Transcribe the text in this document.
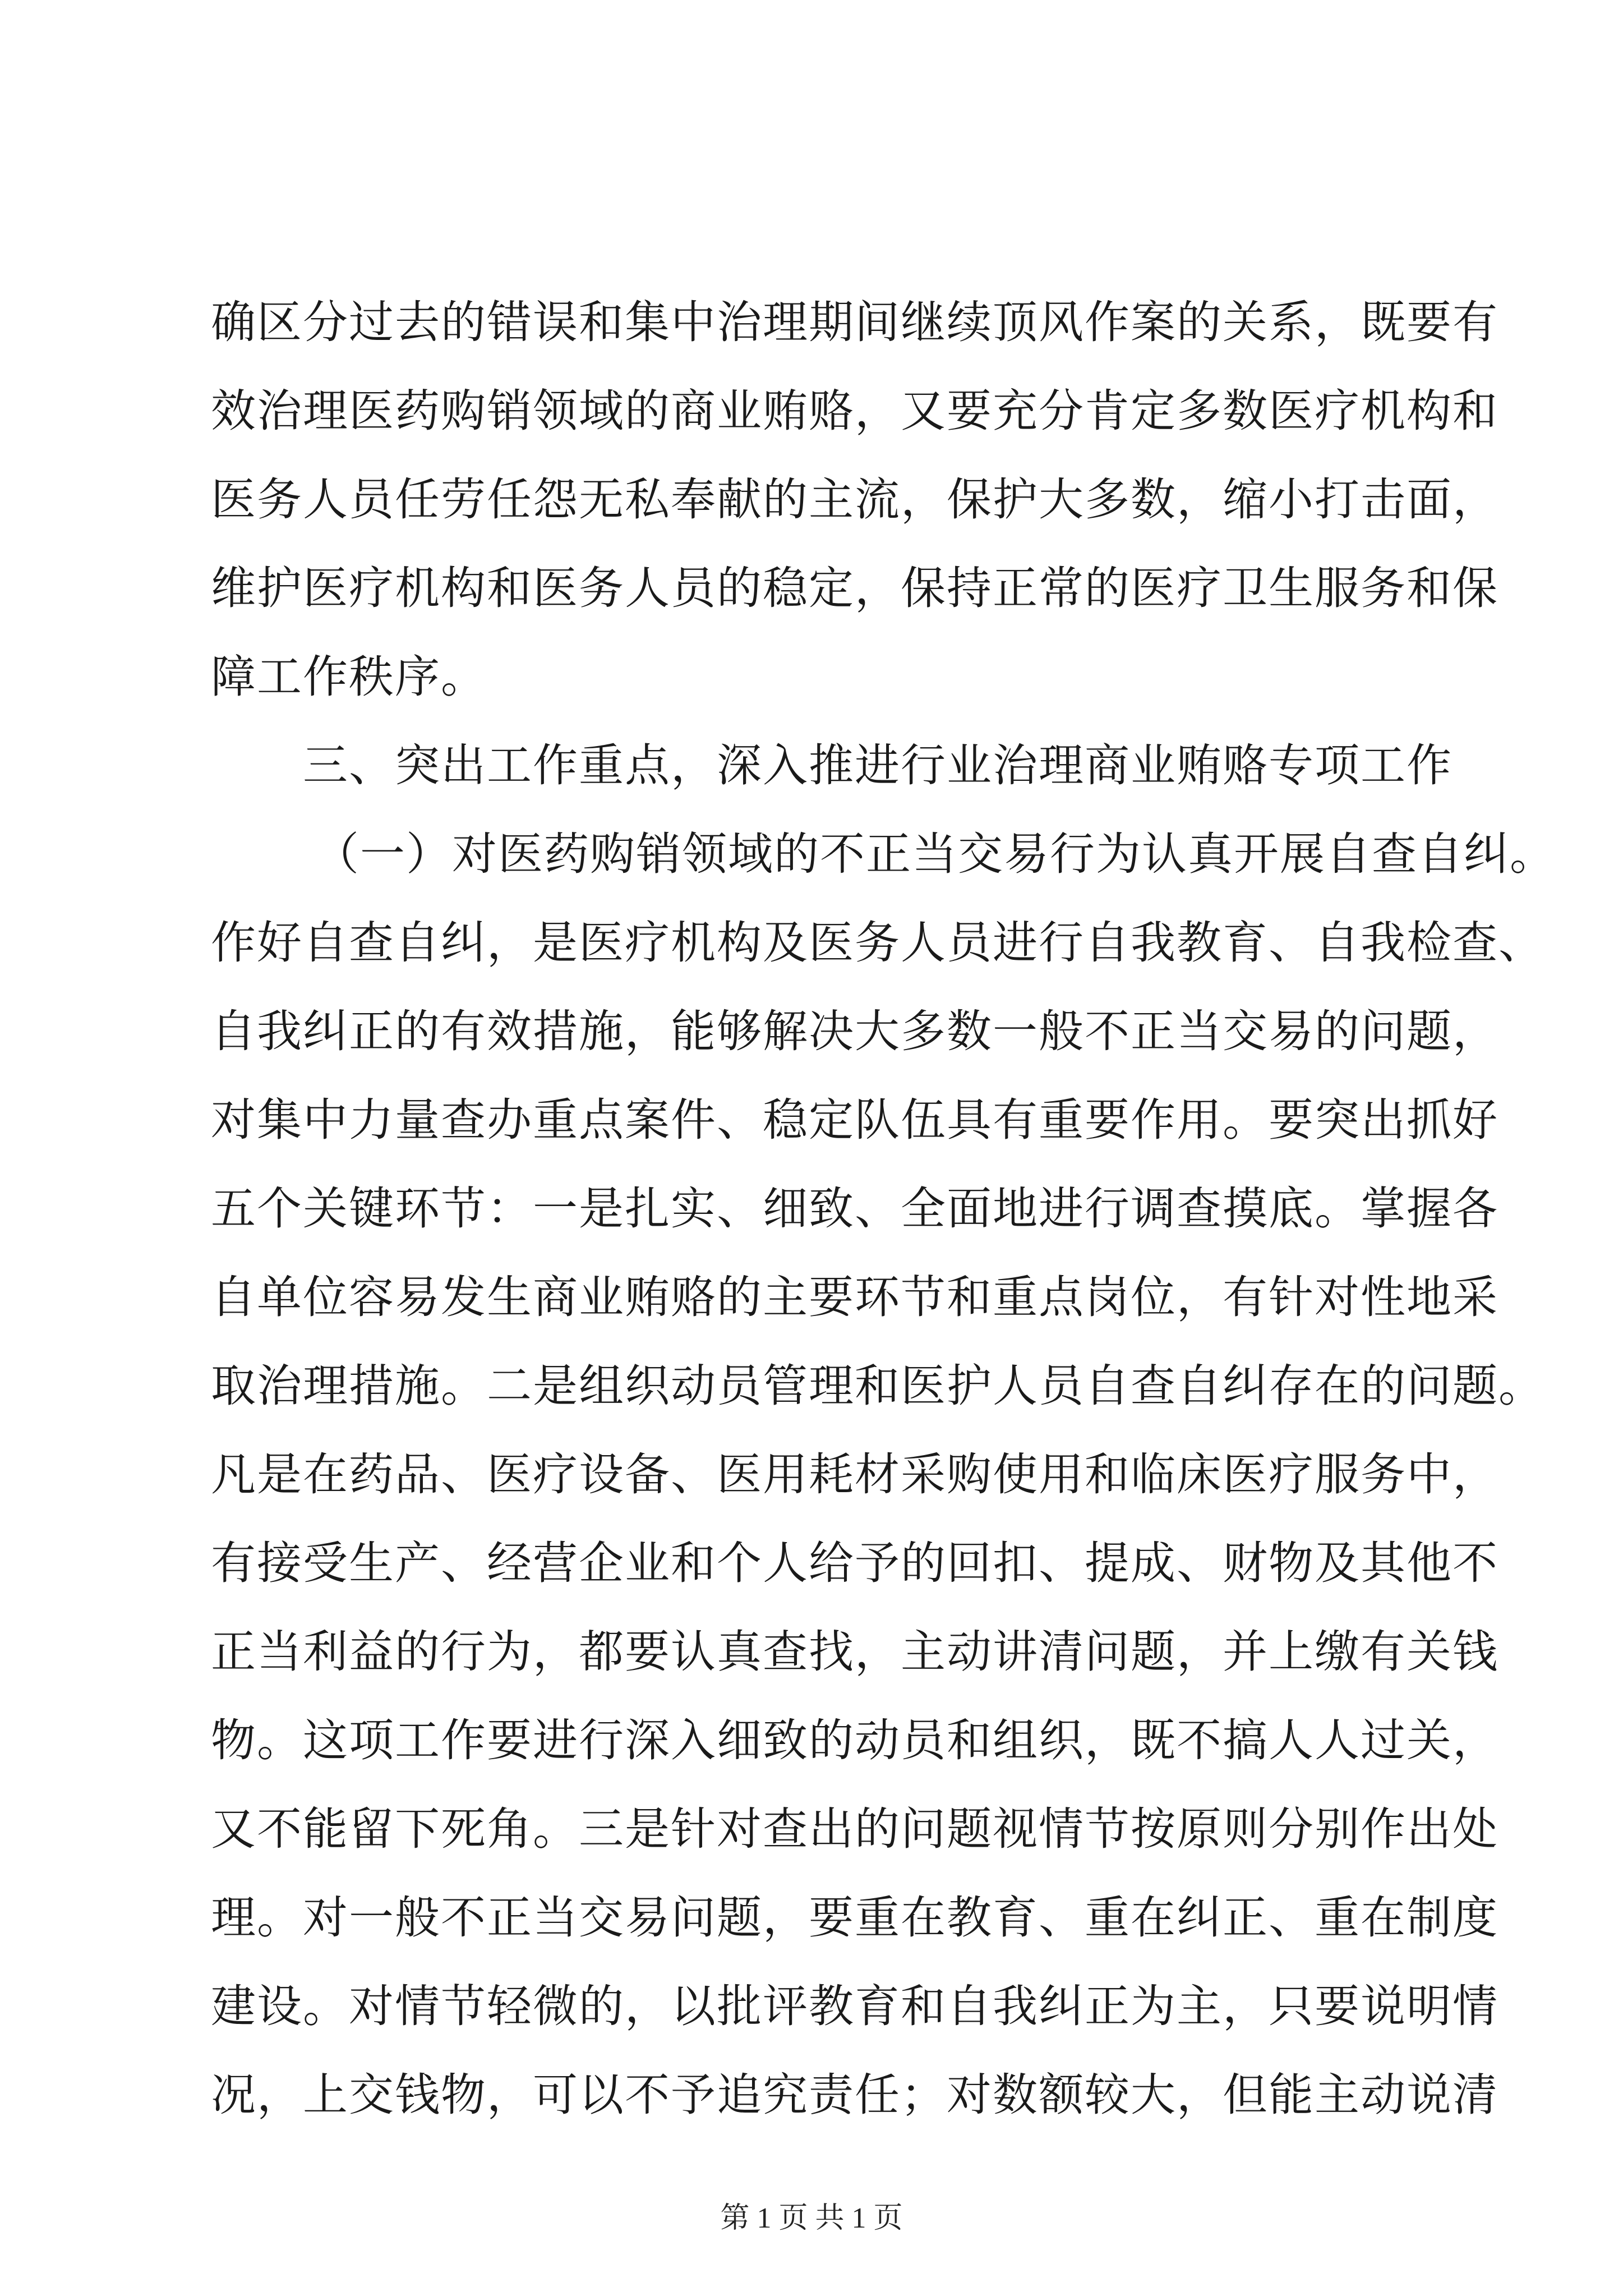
确区分过去的错误和集中治理期间继续顶风作案的关系，既要有
效治理医药购销领域的商业贿赂，又要充分肯定多数医疗机构和
医务人员任劳任怨无私奉献的主流，保护大多数，缩小打击面，
维护医疗机构和医务人员的稳定，保持正常的医疗卫生服务和保
障工作秩序。
三、突出工作重点，深入推进行业治理商业贿赂专项工作
（一）对医药购销领域的不正当交易行为认真开展自查自纠。
作好自查自纠，是医疗机构及医务人员进行自我教育、自我检查、
自我纠正的有效措施，能够解决大多数一般不正当交易的问题，
对集中力量查办重点案件、稳定队伍具有重要作用。要突出抓好
五个关键环节：一是扎实、细致、全面地进行调查摸底。掌握各
自单位容易发生商业贿赂的主要环节和重点岗位，有针对性地采
取治理措施。二是组织动员管理和医护人员自查自纠存在的问题。
凡是在药品、医疗设备、医用耗材采购使用和临床医疗服务中，
有接受生产、经营企业和个人给予的回扣、提成、财物及其他不
正当利益的行为，都要认真查找，主动讲清问题，并上缴有关钱
物。这项工作要进行深入细致的动员和组织，既不搞人人过关，
又不能留下死角。三是针对查出的问题视情节按原则分别作出处
理。对一般不正当交易问题，要重在教育、重在纠正、重在制度
建设。对情节轻微的，以批评教育和自我纠正为主，只要说明情
况，上交钱物，可以不予追究责任；对数额较大，但能主动说清
第 1 页 共 1 页
